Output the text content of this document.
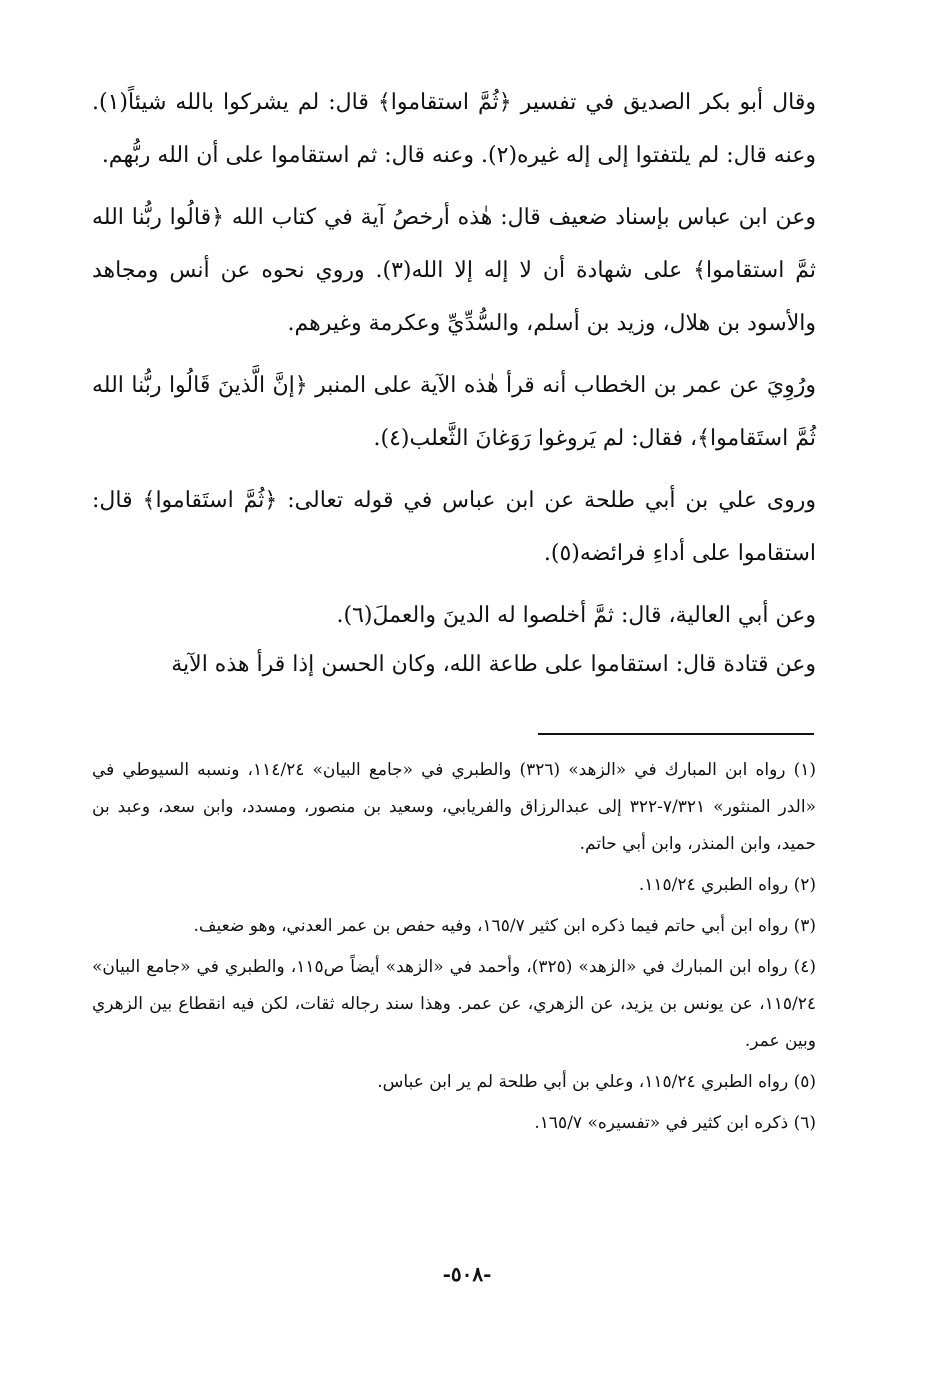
وقال أبو بكر الصديق في تفسير ﴿ثُمَّ استقاموا﴾ قال: لم يشركوا بالله شيئاً(١). وعنه قال: لم يلتفتوا إلى إله غيره(٢). وعنه قال: ثم استقاموا على أن الله ربُّهم.

وعن ابن عباس بإسناد ضعيف قال: هٰذه أرخصُ آية في كتاب الله ﴿قالُوا ربُّنا الله ثمَّ استقاموا﴾ على شهادة أن لا إله إلا الله(٣). وروي نحوه عن أنس ومجاهد والأسود بن هلال، وزيد بن أسلم، والسُّدِّيِّ وعكرمة وغيرهم.

ورُوِيَ عن عمر بن الخطاب أنه قرأ هٰذه الآية على المنبر ﴿إنَّ الَّذينَ قَالُوا ربُّنا الله ثُمَّ استَقاموا﴾، فقال: لم يَروغوا رَوَغانَ الثَّعلب(٤).

وروى علي بن أبي طلحة عن ابن عباس في قوله تعالى: ﴿ثُمَّ استَقاموا﴾ قال: استقاموا على أداءِ فرائضه(٥).

وعن أبي العالية، قال: ثمَّ أخلصوا له الدينَ والعملَ(٦).

وعن قتادة قال: استقاموا على طاعة الله، وكان الحسن إذا قرأ هذه الآية

(١) رواه ابن المبارك في «الزهد» (٣٢٦) والطبري في «جامع البيان» ١١٤/٢٤، ونسبه السيوطي في «الدر المنثور» ٧/٣٢١-٣٢٢ إلى عبدالرزاق والفريابي، وسعيد بن منصور، ومسدد، وابن سعد، وعبد بن حميد، وابن المنذر، وابن أبي حاتم.

(٢) رواه الطبري ١١٥/٢٤.

(٣) رواه ابن أبي حاتم فيما ذكره ابن كثير ١٦٥/٧، وفيه حفص بن عمر العدني، وهو ضعيف.

(٤) رواه ابن المبارك في «الزهد» (٣٢٥)، وأحمد في «الزهد» أيضاً ص١١٥، والطبري في «جامع البيان» ١١٥/٢٤، عن يونس بن يزيد، عن الزهري، عن عمر. وهذا سند رجاله ثقات، لكن فيه انقطاع بين الزهري وبين عمر.

(٥) رواه الطبري ١١٥/٢٤، وعلي بن أبي طلحة لم ير ابن عباس.

(٦) ذكره ابن كثير في «تفسيره» ١٦٥/٧.

-٥٠٨-
